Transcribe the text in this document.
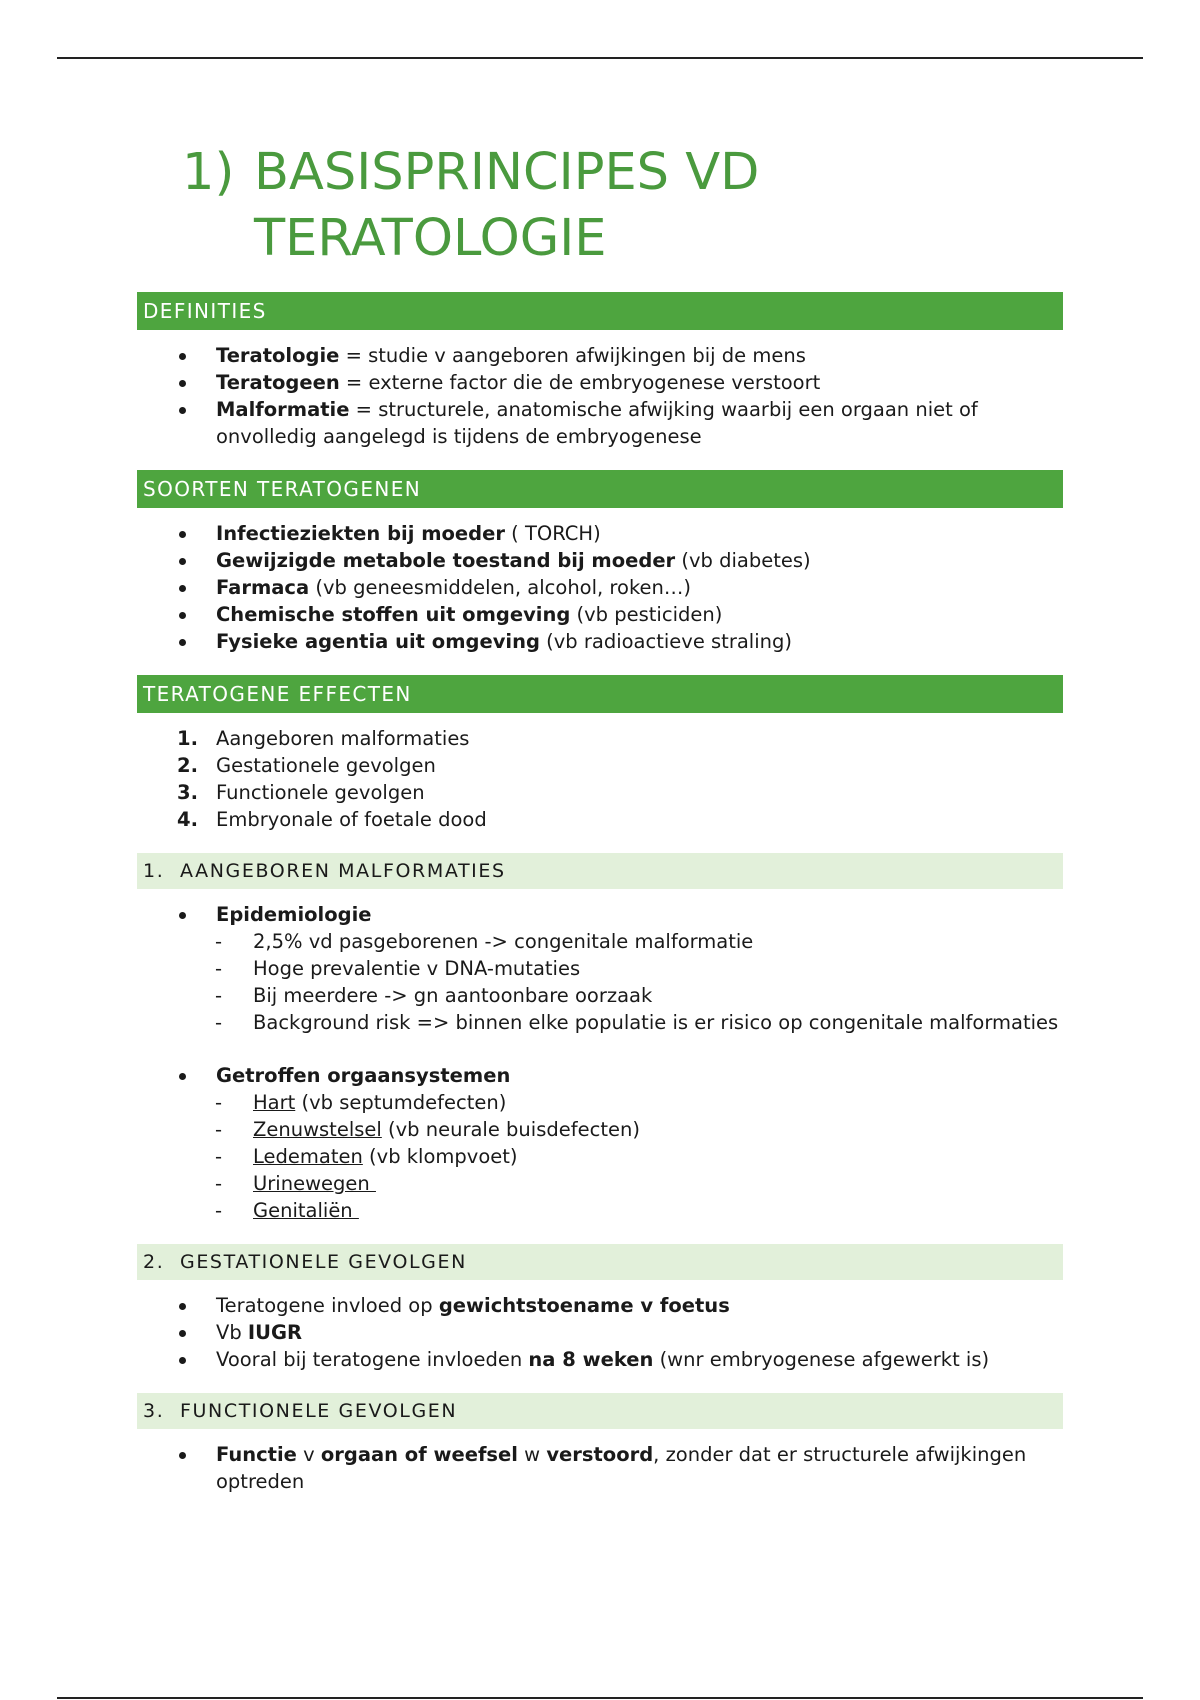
1) BASISPRINCIPES VD
TERATOLOGIE
DEFINITIES
Teratologie = studie v aangeboren afwijkingen bij de mens
Teratogeen = externe factor die de embryogenese verstoort
Malformatie = structurele, anatomische afwijking waarbij een orgaan niet of onvolledig aangelegd is tijdens de embryogenese
SOORTEN TERATOGENEN
Infectieziekten bij moeder ( TORCH)
Gewijzigde metabole toestand bij moeder (vb diabetes)
Farmaca (vb geneesmiddelen, alcohol, roken…)
Chemische stoffen uit omgeving (vb pesticiden)
Fysieke agentia uit omgeving (vb radioactieve straling)
TERATOGENE EFFECTEN
1. Aangeboren malformaties
2. Gestationele gevolgen
3. Functionele gevolgen
4. Embryonale of foetale dood
1. AANGEBOREN MALFORMATIES
Epidemiologie
- 2,5% vd pasgeborenen -> congenitale malformatie
- Hoge prevalentie v DNA-mutaties
- Bij meerdere -> gn aantoonbare oorzaak
- Background risk => binnen elke populatie is er risico op congenitale malformaties
Getroffen orgaansystemen
- Hart (vb septumdefecten)
- Zenuwstelsel (vb neurale buisdefecten)
- Ledematen (vb klompvoet)
- Urinewegen
- Genitaliën
2. GESTATIONELE GEVOLGEN
Teratogene invloed op gewichtstoename v foetus
Vb IUGR
Vooral bij teratogene invloeden na 8 weken (wnr embryogenese afgewerkt is)
3. FUNCTIONELE GEVOLGEN
Functie v orgaan of weefsel w verstoord, zonder dat er structurele afwijkingen optreden
